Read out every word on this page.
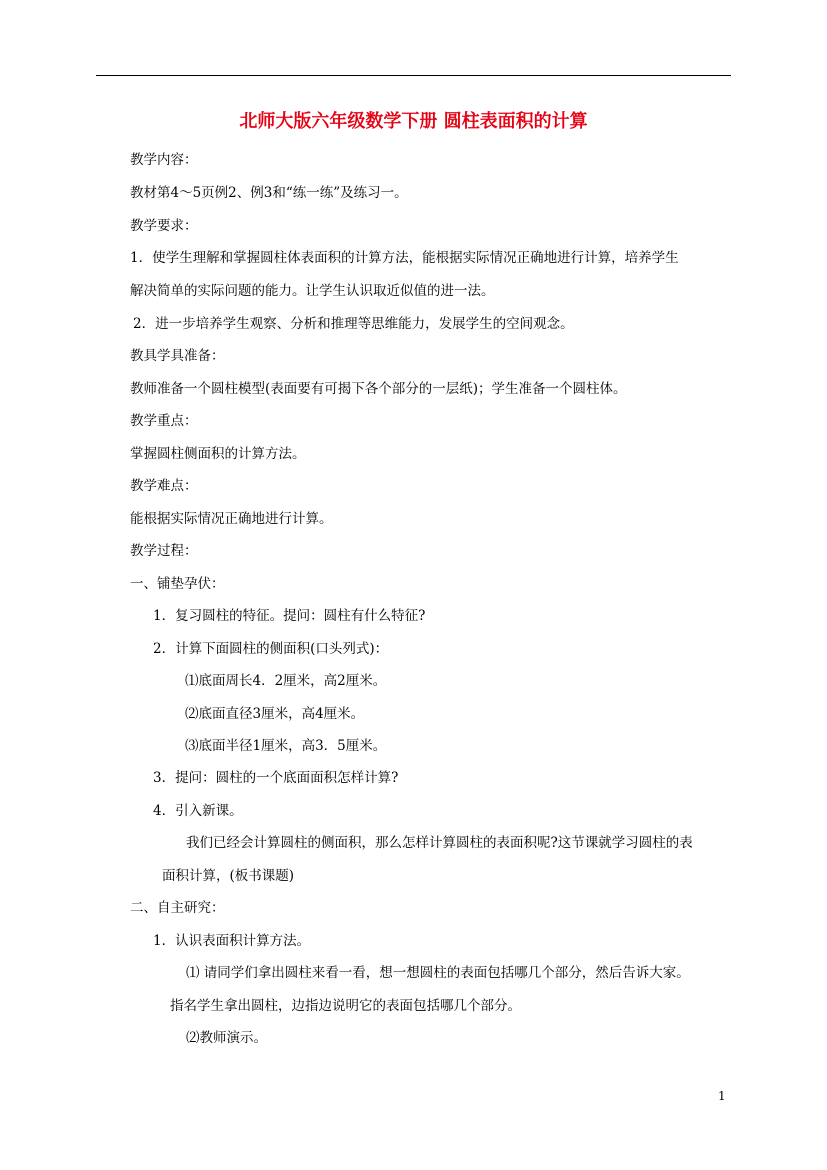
北师大版六年级数学下册 圆柱表面积的计算
教学内容：
教材第4～5页例2、例3和“练一练”及练习一。
教学要求：
1．使学生理解和掌握圆柱体表面积的计算方法，能根据实际情况正确地进行计算，培养学生
解决简单的实际问题的能力。让学生认识取近似值的进一法。
2．进一步培养学生观察、分析和推理等思维能力，发展学生的空间观念。
教具学具准备：
教师准备一个圆柱模型(表面要有可揭下各个部分的一层纸)；学生准备一个圆柱体。
教学重点：
掌握圆柱侧面积的计算方法。
教学难点：
能根据实际情况正确地进行计算。
教学过程：
一、铺垫孕伏：
1．复习圆柱的特征。提问：圆柱有什么特征?
2．计算下面圆柱的侧面积(口头列式)：
⑴底面周长4．2厘米，高2厘米。
⑵底面直径3厘米，高4厘米。
⑶底面半径1厘米，高3．5厘米。
3．提问：圆柱的一个底面面积怎样计算?
4．引入新课。
我们已经会计算圆柱的侧面积，那么怎样计算圆柱的表面积呢?这节课就学习圆柱的表
面积计算，(板书课题)
二、自主研究：
1．认识表面积计算方法。
⑴ 请同学们拿出圆柱来看一看，想一想圆柱的表面包括哪几个部分，然后告诉大家。
指名学生拿出圆柱，边指边说明它的表面包括哪几个部分。
⑵教师演示。
1
